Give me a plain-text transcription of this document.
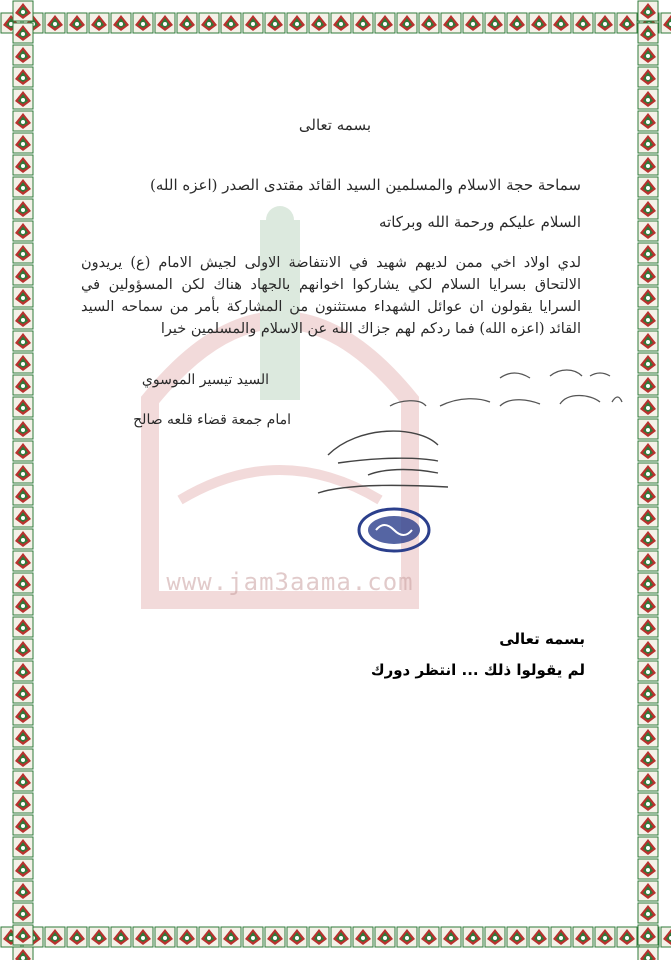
www.jam3aama.com
بسمه تعالى
سماحة حجة الاسلام والمسلمين السيد القائد مقتدى الصدر (اعزه الله)
السلام عليكم ورحمة الله وبركاته
لدي اولاد اخي ممن لديهم شهيد في الانتفاضة الاولى لجيش الامام (ع) يريدون الالتحاق بسرايا السلام لكي يشاركوا اخوانهم بالجهاد هناك لكن المسؤولين في السرايا يقولون ان عوائل الشهداء مستثنون من المشاركة بأمر من سماحه السيد القائد (اعزه الله) فما ردكم لهم جزاك الله عن الاسلام والمسلمين خيرا
السيد تيسير الموسوي
امام جمعة قضاء قلعه صالح
بسمه تعالى
لم يقولوا ذلك ... انتظر دورك
